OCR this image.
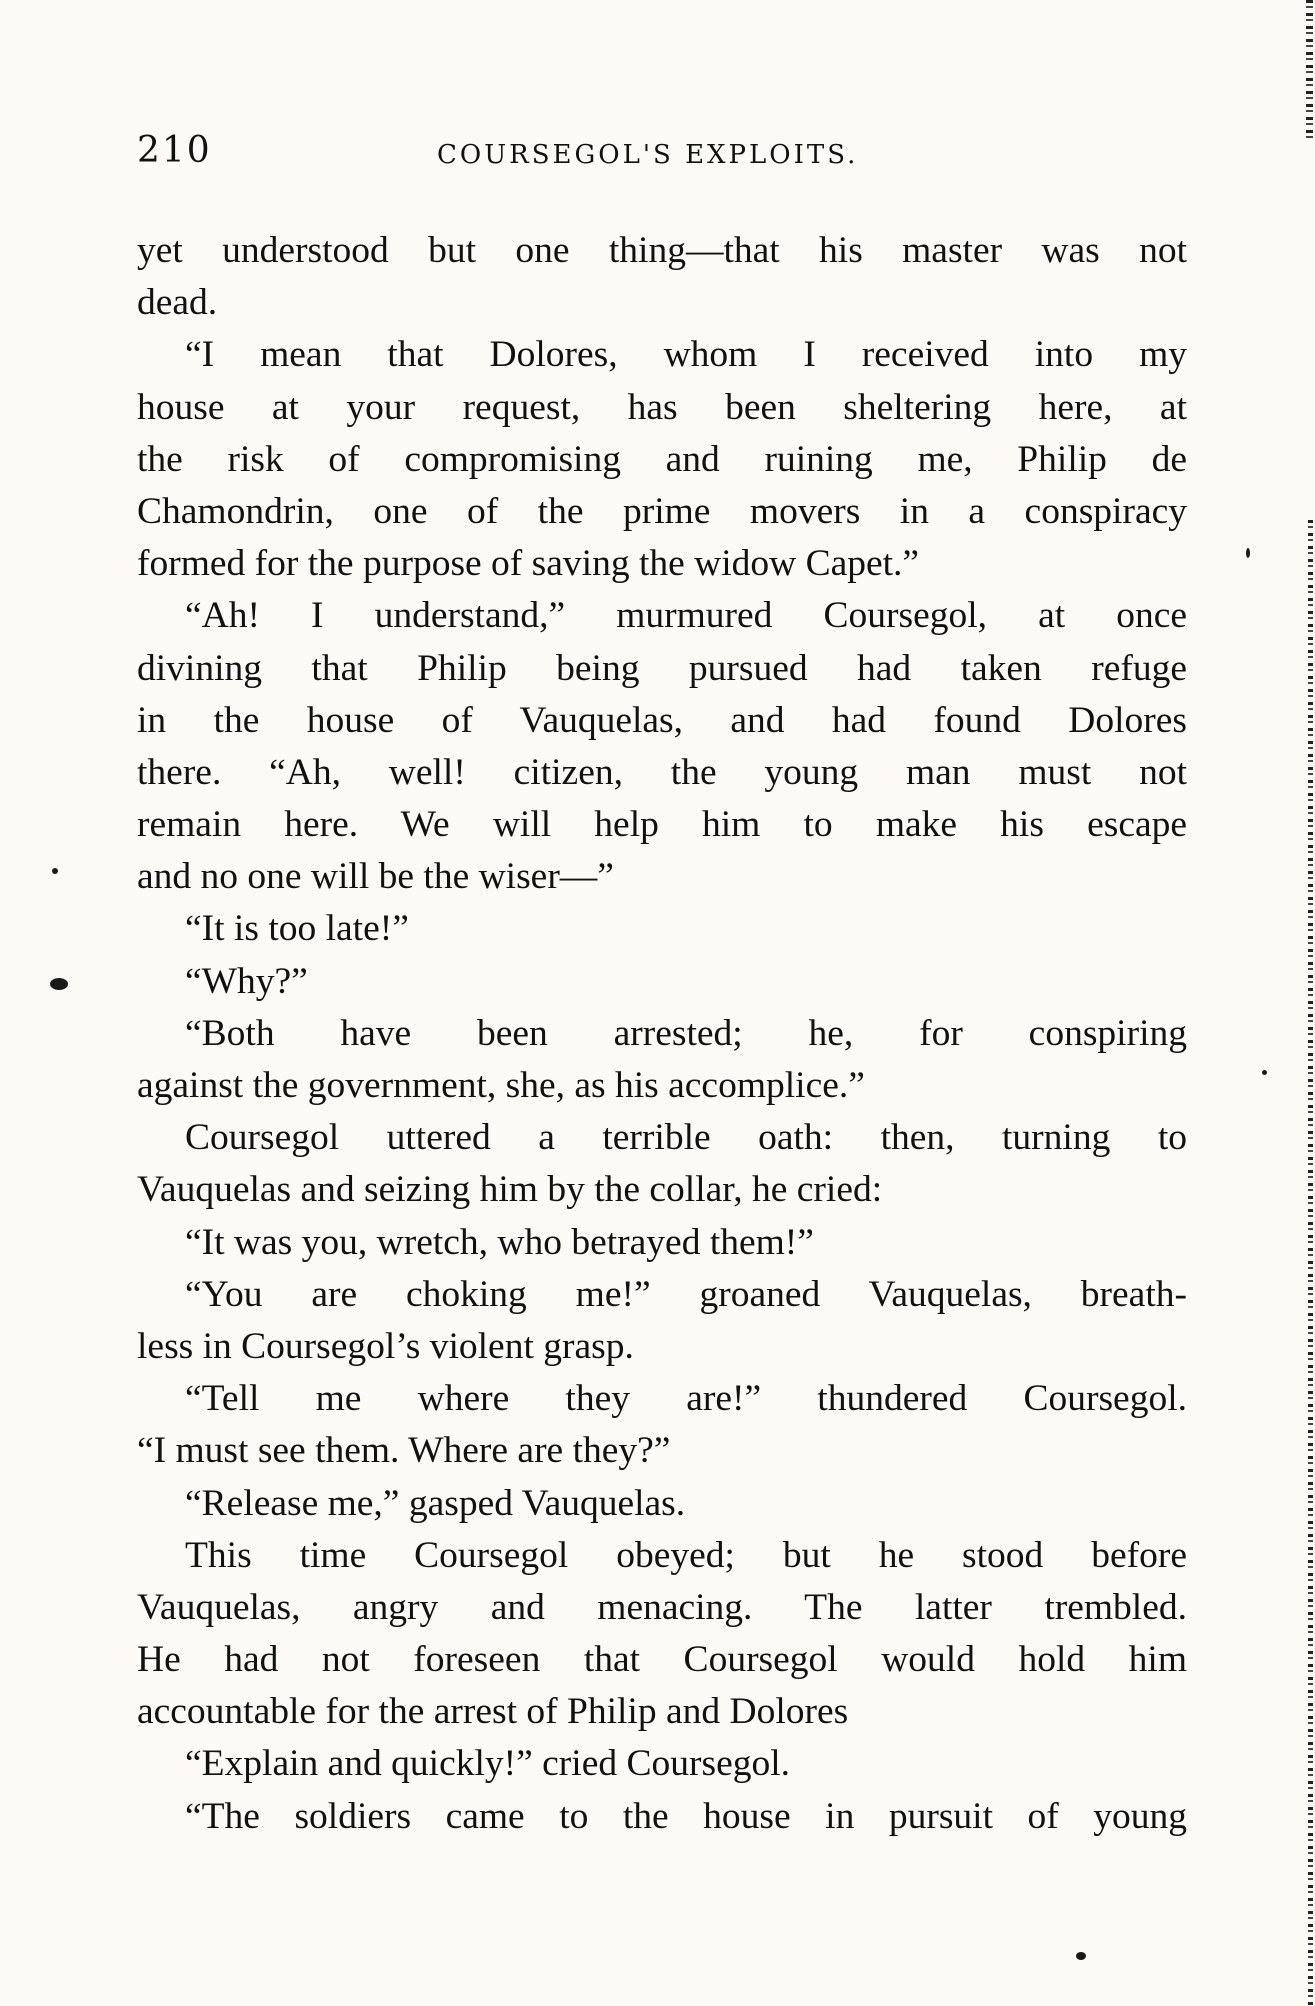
210	COURSEGOL'S EXPLOITS.
yet understood but one thing—that his master was not
dead.
“I mean that Dolores, whom I received into my
house at your request, has been sheltering here, at
the risk of compromising and ruining me, Philip de
Chamondrin, one of the prime movers in a conspiracy
formed for the purpose of saving the widow Capet.”
“Ah! I understand,” murmured Coursegol, at once
divining that Philip being pursued had taken refuge
in the house of Vauquelas, and had found Dolores
there. “Ah, well! citizen, the young man must not
remain here. We will help him to make his escape
and no one will be the wiser—”
“It is too late!”
“Why?”
“Both have been arrested; he, for conspiring
against the government, she, as his accomplice.”
Coursegol uttered a terrible oath: then, turning to
Vauquelas and seizing him by the collar, he cried:
“It was you, wretch, who betrayed them!”
“You are choking me!” groaned Vauquelas, breath-
less in Coursegol’s violent grasp.
“Tell me where they are!” thundered Coursegol.
“I must see them. Where are they?”
“Release me,” gasped Vauquelas.
This time Coursegol obeyed; but he stood before
Vauquelas, angry and menacing. The latter trembled.
He had not foreseen that Coursegol would hold him
accountable for the arrest of Philip and Dolores
“Explain and quickly!” cried Coursegol.
“The soldiers came to the house in pursuit of young
